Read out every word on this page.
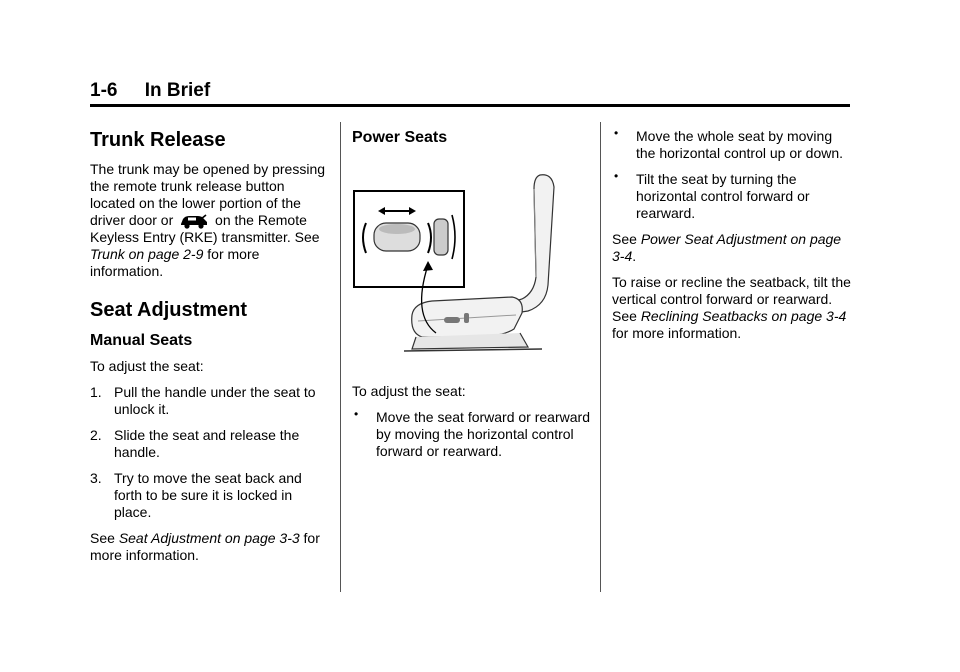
1-6 In Brief
Trunk Release

The trunk may be opened by pressing the remote trunk release button located on the lower portion of the driver door or	on the Remote Keyless Entry (RKE) transmitter. See Trunk on page 2-9 for more information.

Seat Adjustment
Manual Seats

To adjust the seat:

1. Pull the handle under the seat to unlock it.
2. Slide the seat and release the handle.
3. Try to move the seat back and forth to be sure it is locked in place.

See Seat Adjustment on page 3-3 for more information.

Power Seats

To adjust the seat:

• Move the seat forward or rearward by moving the horizontal control forward or rearward.
• Move the whole seat by moving the horizontal control up or down.
• Tilt the seat by turning the horizontal control forward or rearward.

See Power Seat Adjustment on page 3-4.

To raise or recline the seatback, tilt the vertical control forward or rearward. See Reclining Seatbacks on page 3-4 for more information.
